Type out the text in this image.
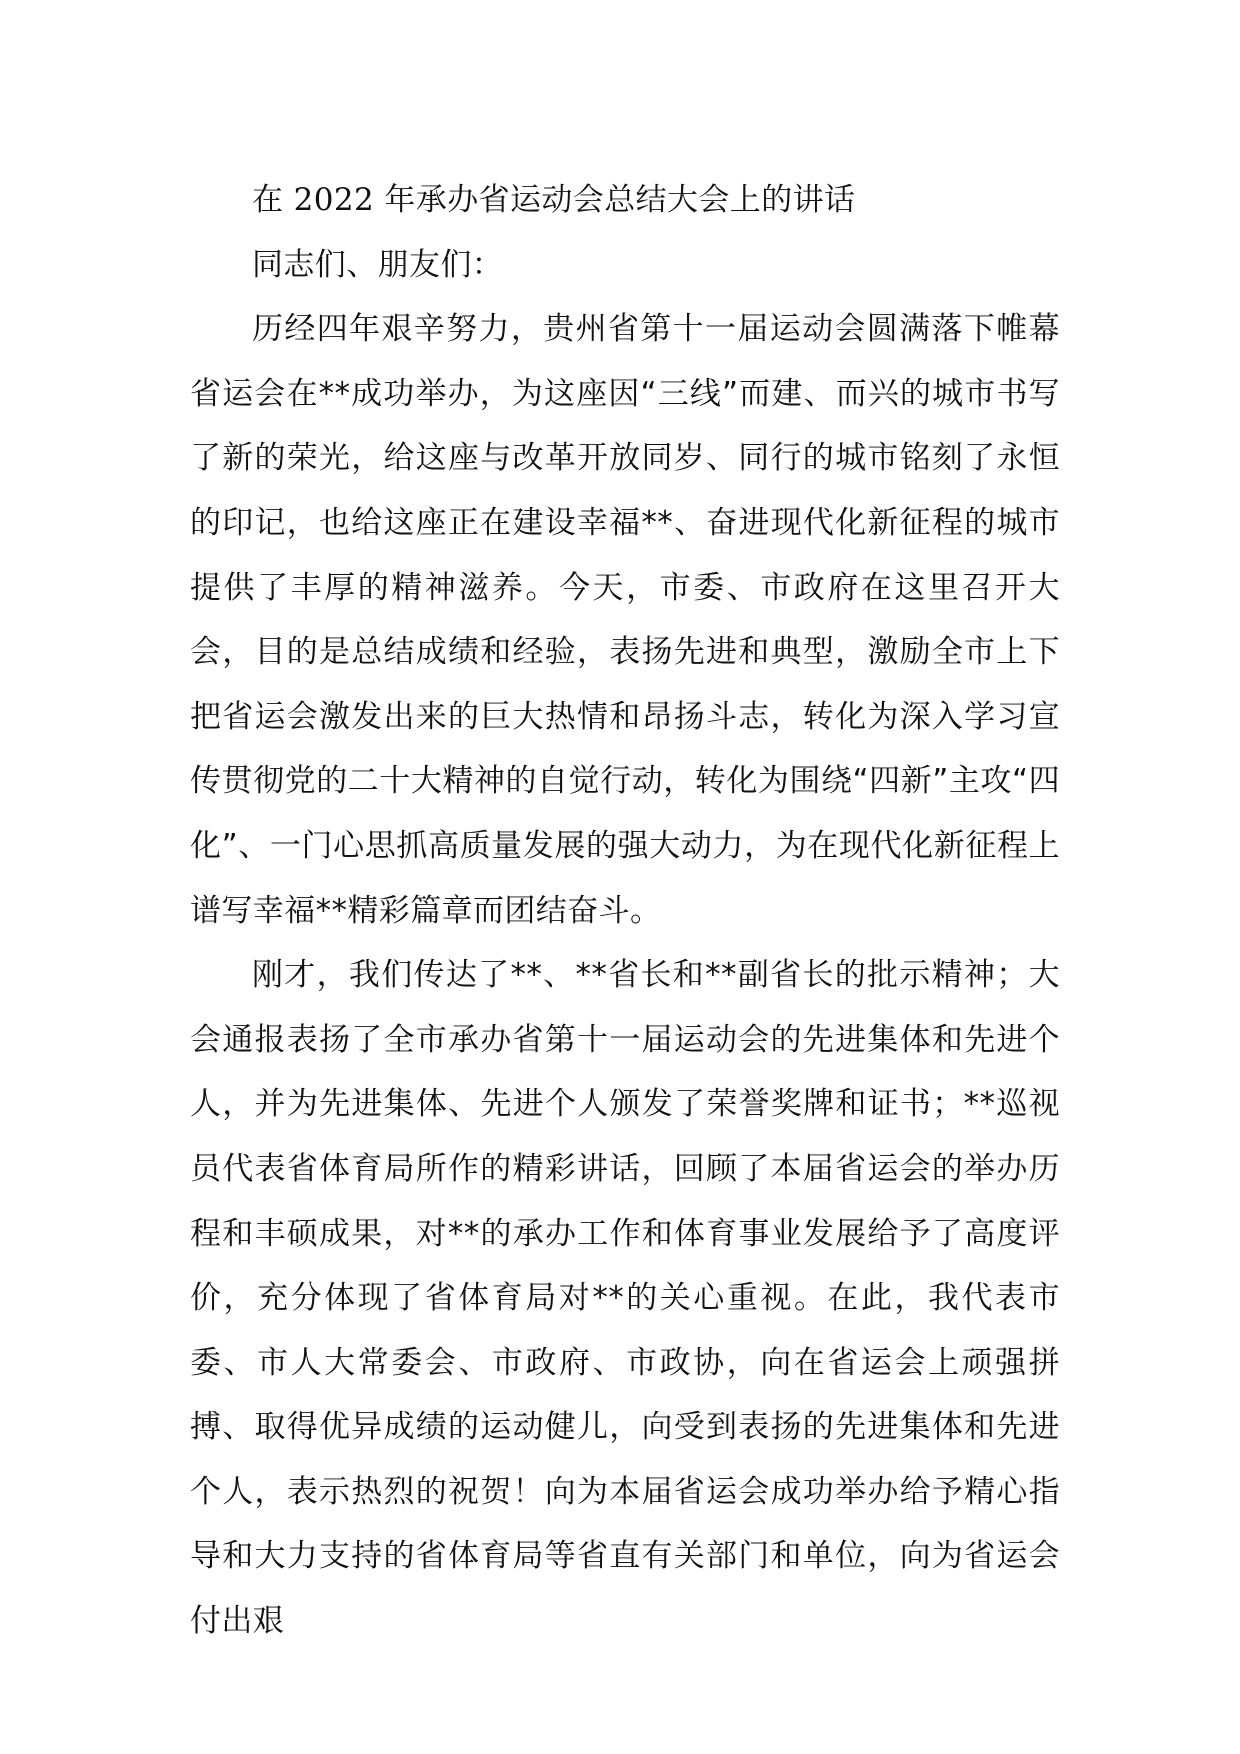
在 2022 年承办省运动会总结大会上的讲话

同志们、朋友们：

历经四年艰辛努力，贵州省第十一届运动会圆满落下帷幕省运会在**成功举办，为这座因“三线”而建、而兴的城市书写了新的荣光，给这座与改革开放同岁、同行的城市铭刻了永恒的印记，也给这座正在建设幸福**、奋进现代化新征程的城市提供了丰厚的精神滋养。今天，市委、市政府在这里召开大会，目的是总结成绩和经验，表扬先进和典型，激励全市上下把省运会激发出来的巨大热情和昂扬斗志，转化为深入学习宣传贯彻党的二十大精神的自觉行动，转化为围绕“四新”主攻“四化”、一门心思抓高质量发展的强大动力，为在现代化新征程上谱写幸福**精彩篇章而团结奋斗。

刚才，我们传达了**、**省长和**副省长的批示精神；大会通报表扬了全市承办省第十一届运动会的先进集体和先进个人，并为先进集体、先进个人颁发了荣誉奖牌和证书；**巡视员代表省体育局所作的精彩讲话，回顾了本届省运会的举办历程和丰硕成果，对**的承办工作和体育事业发展给予了高度评价，充分体现了省体育局对**的关心重视。在此，我代表市委、市人大常委会、市政府、市政协，向在省运会上顽强拼搏、取得优异成绩的运动健儿，向受到表扬的先进集体和先进个人，表示热烈的祝贺！向为本届省运会成功举办给予精心指导和大力支持的省体育局等省直有关部门和单位，向为省运会付出艰
